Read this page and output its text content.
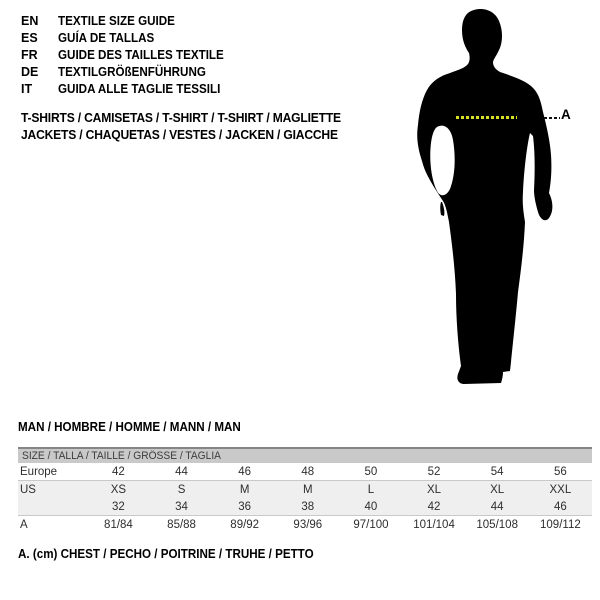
EN TEXTILE SIZE GUIDE
ES GUÍA DE TALLAS
FR GUIDE DES TAILLES TEXTILE
DE TEXTILGRÖßENFÜHRUNG
IT GUIDA ALLE TAGLIE TESSILI
T-SHIRTS / CAMISETAS / T-SHIRT / T-SHIRT / MAGLIETTE
JACKETS / CHAQUETAS / VESTES / JACKEN / GIACCHE
A
MAN / HOMBRE / HOMME / MANN / MAN
SIZE / TALLA / TAILLE / GRÖSSE / TAGLIA
Europe	42	44	46	48	50	52	54	56
US	XS	S	M	M	L	XL	XL	XXL
	32	34	36	38	40	42	44	46
A	81/84	85/88	89/92	93/96	97/100	101/104	105/108	109/112
A. (cm) CHEST / PECHO / POITRINE / TRUHE / PETTO
